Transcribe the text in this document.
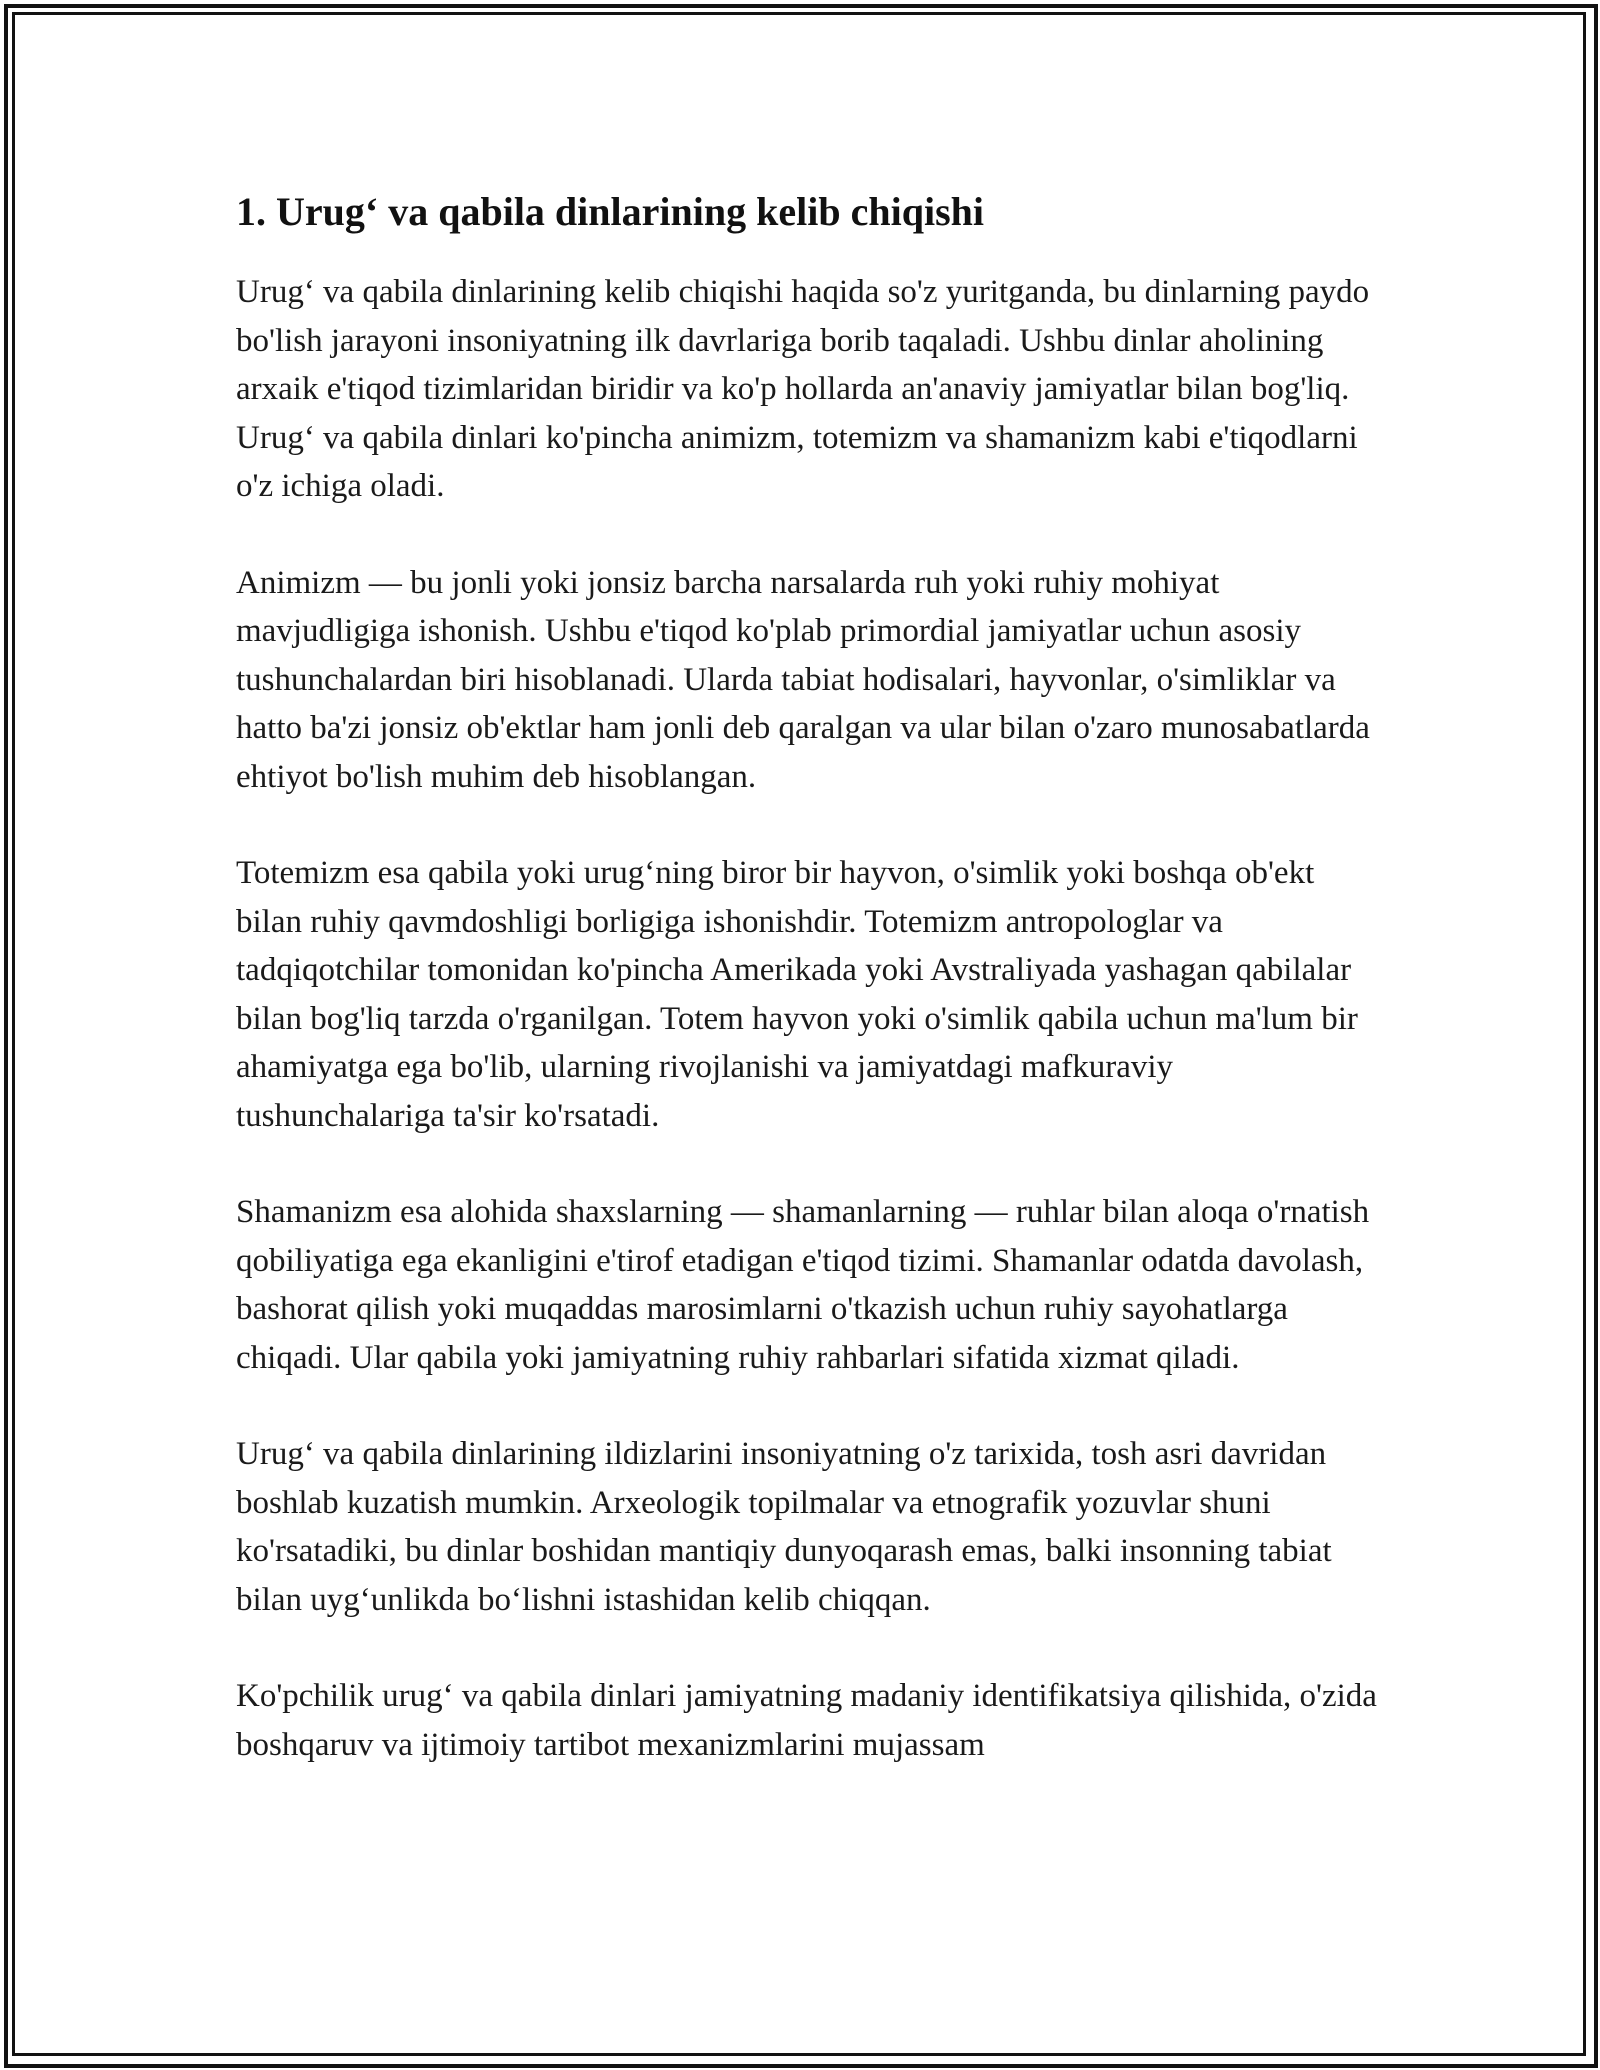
1. Urug‘ va qabila dinlarining kelib chiqishi

Urug‘ va qabila dinlarining kelib chiqishi haqida so'z yuritganda, bu dinlarning paydo bo'lish jarayoni insoniyatning ilk davrlariga borib taqaladi. Ushbu dinlar aholining arxaik e'tiqod tizimlaridan biridir va ko'p hollarda an'anaviy jamiyatlar bilan bog'liq. Urug‘ va qabila dinlari ko'pincha animizm, totemizm va shamanizm kabi e'tiqodlarni o'z ichiga oladi.

Animizm — bu jonli yoki jonsiz barcha narsalarda ruh yoki ruhiy mohiyat mavjudligiga ishonish. Ushbu e'tiqod ko'plab primordial jamiyatlar uchun asosiy tushunchalardan biri hisoblanadi. Ularda tabiat hodisalari, hayvonlar, o'simliklar va hatto ba'zi jonsiz ob'ektlar ham jonli deb qaralgan va ular bilan o'zaro munosabatlarda ehtiyot bo'lish muhim deb hisoblangan.

Totemizm esa qabila yoki urug‘ning biror bir hayvon, o'simlik yoki boshqa ob'ekt bilan ruhiy qavmdoshligi borligiga ishonishdir. Totemizm antropologlar va tadqiqotchilar tomonidan ko'pincha Amerikada yoki Avstraliyada yashagan qabilalar bilan bog'liq tarzda o'rganilgan. Totem hayvon yoki o'simlik qabila uchun ma'lum bir ahamiyatga ega bo'lib, ularning rivojlanishi va jamiyatdagi mafkuraviy tushunchalariga ta'sir ko'rsatadi.

Shamanizm esa alohida shaxslarning — shamanlarning — ruhlar bilan aloqa o'rnatish qobiliyatiga ega ekanligini e'tirof etadigan e'tiqod tizimi. Shamanlar odatda davolash, bashorat qilish yoki muqaddas marosimlarni o'tkazish uchun ruhiy sayohatlarga chiqadi. Ular qabila yoki jamiyatning ruhiy rahbarlari sifatida xizmat qiladi.

Urug‘ va qabila dinlarining ildizlarini insoniyatning o'z tarixida, tosh asri davridan boshlab kuzatish mumkin. Arxeologik topilmalar va etnografik yozuvlar shuni ko'rsatadiki, bu dinlar boshidan mantiqiy dunyoqarash emas, balki insonning tabiat bilan uyg‘unlikda bo‘lishni istashidan kelib chiqqan.

Ko'pchilik urug‘ va qabila dinlari jamiyatning madaniy identifikatsiya qilishida, o'zida boshqaruv va ijtimoiy tartibot mexanizmlarini mujassam
